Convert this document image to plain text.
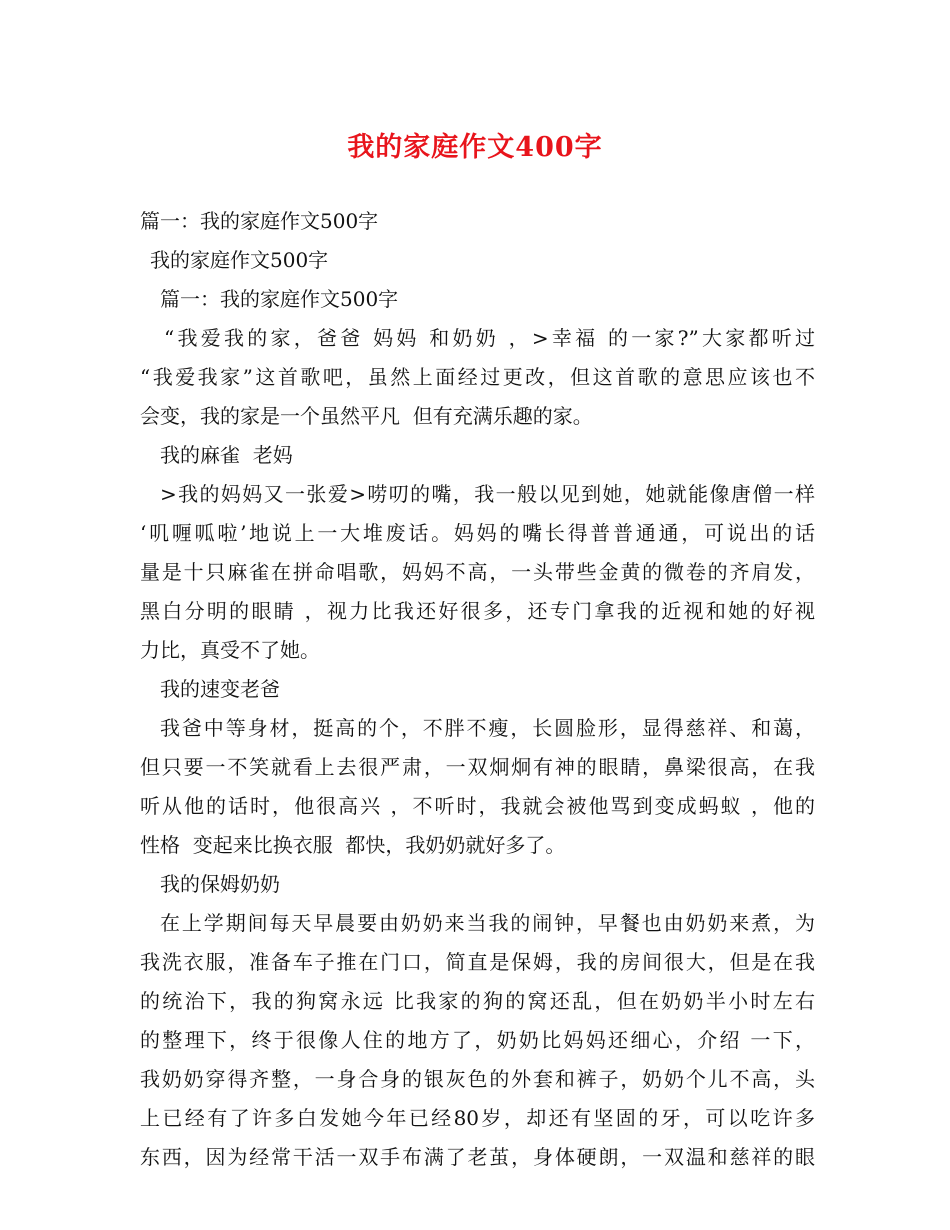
我的家庭作文400字
篇一：我的家庭作文500字
我的家庭作文500字
篇一：我的家庭作文500字
“我爱我的家，爸爸 妈妈 和奶奶 ，>幸福 的一家?”大家都听过
“我爱我家”这首歌吧，虽然上面经过更改，但这首歌的意思应该也不
会变，我的家是一个虽然平凡  但有充满乐趣的家。
我的麻雀  老妈
>我的妈妈又一张爱>唠叨的嘴，我一般以见到她，她就能像唐僧一样
‘叽喱呱啦’地说上一大堆废话。妈妈的嘴长得普普通通，可说出的话
量是十只麻雀在拼命唱歌，妈妈不高，一头带些金黄的微卷的齐肩发，
黑白分明的眼睛 ，视力比我还好很多，还专门拿我的近视和她的好视
力比，真受不了她。
我的速变老爸
我爸中等身材，挺高的个，不胖不瘦，长圆脸形，显得慈祥、和蔼，
但只要一不笑就看上去很严肃，一双炯炯有神的眼睛，鼻梁很高，在我
听从他的话时，他很高兴 ，不听时，我就会被他骂到变成蚂蚁 ，他的
性格  变起来比换衣服  都快，我奶奶就好多了。
我的保姆奶奶
在上学期间每天早晨要由奶奶来当我的闹钟，早餐也由奶奶来煮，为
我洗衣服，准备车子推在门口，简直是保姆，我的房间很大，但是在我
的统治下，我的狗窝永远 比我家的狗的窝还乱，但在奶奶半小时左右
的整理下，终于很像人住的地方了，奶奶比妈妈还细心，介绍 一下，
我奶奶穿得齐整，一身合身的银灰色的外套和裤子，奶奶个儿不高，头
上已经有了许多白发她今年已经80岁，却还有坚固的牙，可以吃许多
东西，因为经常干活一双手布满了老茧，身体硬朗，一双温和慈祥的眼
